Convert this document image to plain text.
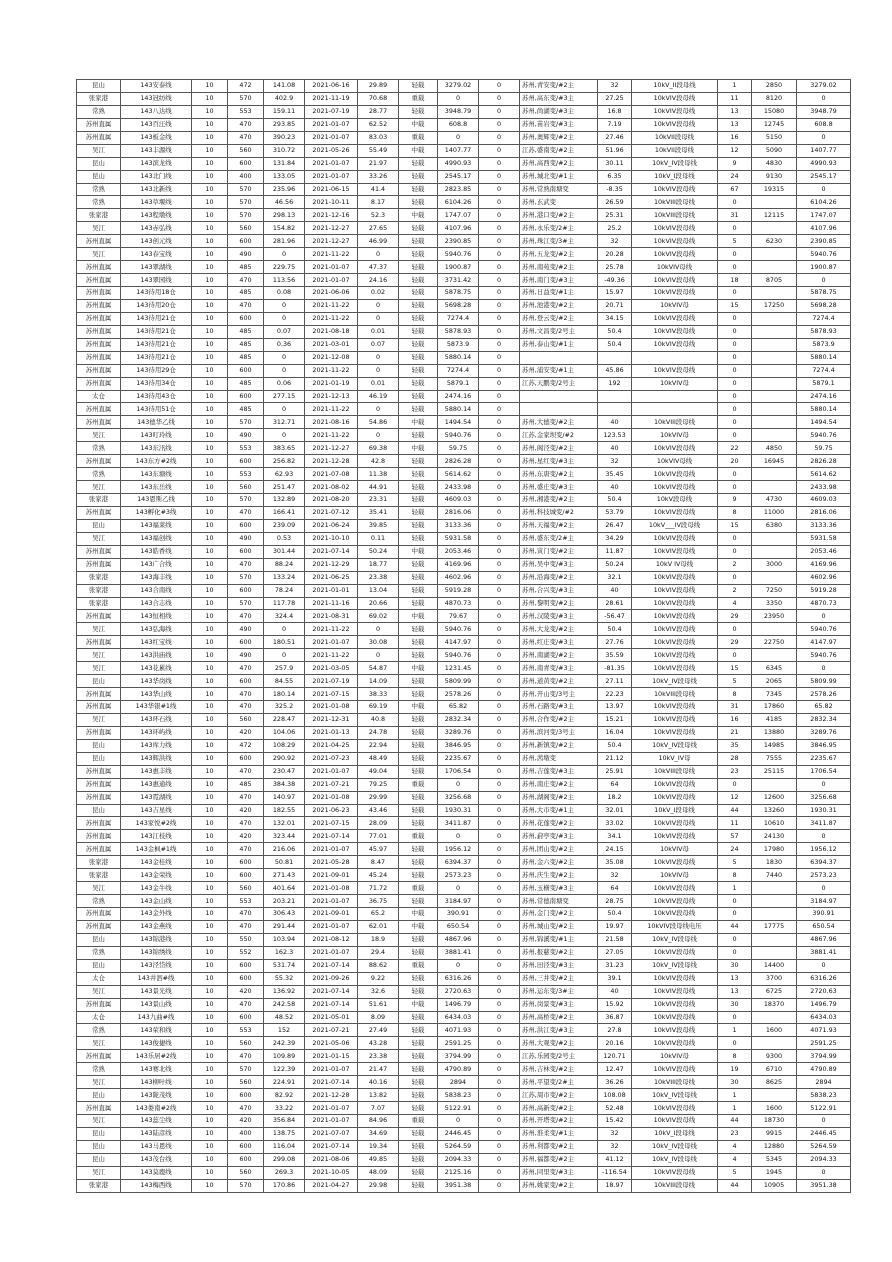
昆山	143安泰线	10	472	141.08	2021-06-16	29.89	轻载	3279.02	0	苏州,青安变/#2主	32	10kV_II段母线	1	2850	3279.02
张家港	143冠纺线	10	570	402.9	2021-11-19	70.68	重载	0	0	苏州,高东变/#3主	27.25	10kVIV段母线	11	8120	0
常熟	143八达线	10	553	159.11	2021-07-19	28.77	轻载	3948.79	0	苏州,尚湖变/#3主	16.8	10kVIV段母线	13	15080	3948.79
苏州直属	143百汪线	10	470	293.85	2021-01-07	62.52	中载	608.8	0	苏州,苗岩变/#3主	7.19	10kVIV段母线	13	12745	608.8
苏州直属	143板金线	10	470	390.23	2021-01-07	83.03	重载	0	0	苏州,奥辉变/#2主	27.46	10kVII段母线	16	5150	0
吴江	143丰源线	10	560	310.72	2021-05-26	55.49	中载	1407.77	0	江苏,盛南变/#2主	51.96	10kVII段母线	12	5090	1407.77
昆山	143滨龙线	10	600	131.84	2021-01-07	21.97	轻载	4990.93	0	苏州,高西变/#2主	30.11	10kV_IV段母线	9	4830	4990.93
昆山	143北门线	10	400	133.05	2021-01-07	33.26	轻载	2545.17	0	苏州,城北变/#1主	6.35	10kV_I段母线	24	9130	2545.17
常熟	143北新线	10	570	235.96	2021-06-15	41.4	轻载	2823.85	0	苏州,常熟南塘变	-8.35	10kVIV段母线	67	19315	0
常熟	143草堰线	10	570	46.56	2021-10-11	8.17	轻载	6104.26	0	苏州,玄武变	26.59	10kVIII段母线	0		6104.26
张家港	143程墩线	10	570	298.13	2021-12-16	52.3	中载	1747.07	0	苏州,港口变/#2主	25.31	10kVIII段母线	31	12115	1747.07
吴江	143赤弘线	10	560	154.82	2021-12-27	27.65	轻载	4107.96	0	苏州,永乐变/2#主	25.2	10kVIV段母线	0		4107.96
苏州直属	143创元线	10	600	281.96	2021-12-27	46.99	轻载	2390.85	0	苏州,珠江变/3#主	32	10kVIV段母线	5	6230	2390.85
吴江	143春宝线	10	490	0	2021-11-22	0	轻载	5940.76	0	苏州,五龙变/#2主	20.28	10kVIV段母线	0		5940.76
苏州直属	143翠湖线	10	485	229.75	2021-01-07	47.37	轻载	1900.87	0	苏州,南苑变/#2主	25.78	10kVIV母线	0		1900.87
苏州直属	143翠园线	10	470	113.56	2021-01-07	24.16	轻载	3731.42	0	苏州,南门变/#3主	-49.36	10kVIV段母线	18	8705	0
苏州直属	143待用18仓	10	485	0.08	2021-06-06	0.02	轻载	5878.75	0	苏州,日益变/#1主	15.97	10kVIV段母线	0		5878.75
苏州直属	143待用20仓	10	470	0	2021-11-22	0	轻载	5698.28	0	苏州,池港变/#2主	20.71	10kVIV母	15	17250	5698.28
苏州直属	143待用21仓	10	600	0	2021-11-22	0	轻载	7274.4	0	苏州,登云变/#2主	34.15	10kVIV段母线	0		7274.4
苏州直属	143待用21仓	10	485	0.07	2021-08-18	0.01	轻载	5878.93	0	苏州,文昌变/2号主	50.4	10kVIV段母线	0		5878.93
苏州直属	143待用21仓	10	485	0.36	2021-03-01	0.07	轻载	5873.9	0	苏州,泰山变/#1主	50.4	10kVIV段母线	0		5873.9
苏州直属	143待用21仓	10	485	0	2021-12-08	0	轻载	5880.14	0				0		5880.14
苏州直属	143待用29仓	10	600	0	2021-11-22	0	轻载	7274.4	0	苏州,浦安变/#1主	45.86	10kVIV段母线	0		7274.4
苏州直属	143待用34仓	10	485	0.06	2021-01-19	0.01	轻载	5879.1	0	江苏,天鹏变/2号主	192	10kVIV母	0		5879.1
太仓	143待用43仓	10	600	277.15	2021-12-13	46.19	轻载	2474.16	0				0		2474.16
苏州直属	143待用51仓	10	485	0	2021-11-22	0	轻载	5880.14	0				0		5880.14
苏州直属	143德华乙线	10	570	312.71	2021-08-16	54.86	中载	1494.54	0	苏州,大德变/#2主	40	10kVIII段母线	0		1494.54
吴江	143叮玲线	10	490	0	2021-11-22	0	轻载	5940.76	0	江苏,金家坝变/#2	123.53	10kVIV母	0		5940.76
常熟	143东汛线	10	553	383.65	2021-12-27	69.38	中载	59.75	0	苏州,阁泾变/#2主	40	10kVIV段母线	22	4850	59.75
苏州直属	143东方#2线	10	600	256.82	2021-12-28	42.8	轻载	2826.28	0	苏州,星红变/#3主	32	10kVIV母线	20	16945	2826.28
常熟	143东塘线	10	553	62.93	2021-07-08	11.38	轻载	5614.62	0	苏州,东唐变/#2主	35.45	10kVIV段母线	0		5614.62
吴江	143东岳线	10	560	251.47	2021-08-02	44.91	轻载	2433.98	0	苏州,盛庄变/#3主	40	10kVIV段母线	0		2433.98
张家港	143恩斯乙线	10	570	132.89	2021-08-20	23.31	轻载	4609.03	0	苏州,湘港变/#2主	50.4	10kV段母线	9	4730	4609.03
苏州直属	143孵化#3线	10	470	166.41	2021-07-12	35.41	轻载	2816.06	0	苏州,科技城变/#2	53.79	10kVIV段母线	8	11000	2816.06
昆山	143福莱线	10	600	239.09	2021-06-24	39.85	轻载	3133.36	0	苏州,天福变/#2主	26.47	10kV___IV段母线	15	6380	3133.36
吴江	143福创线	10	490	0.53	2021-10-10	0.11	轻载	5931.58	0	苏州,盛东变/2#主	34.29	10kVIV段母线	0		5931.58
苏州直属	143皓香线	10	600	301.44	2021-07-14	50.24	中载	2053.46	0	苏州,寅门变/#2主	11.87	10kVIV段母线	0		2053.46
苏州直属	143广合线	10	470	88.24	2021-12-29	18.77	轻载	4169.96	0	苏州,吴中变/#3主	50.24	10kV IV母线	2	3000	4169.96
张家港	143海丰线	10	570	133.24	2021-06-25	23.38	轻载	4602.96	0	苏州,沿海变/#2主	32.1	10kVIV段母线	0		4602.96
张家港	143合南线	10	600	78.24	2021-01-01	13.04	轻载	5919.28	0	苏州,合兴变/#3主	40	10kVIV段母线	2	7250	5919.28
张家港	143合志线	10	570	117.78	2021-11-16	20.66	轻载	4870.73	0	苏州,黎明变/#2主	28.61	10kVIV段母线	4	3350	4870.73
苏州直属	143恒相线	10	470	324.4	2021-08-31	69.02	中载	79.67	0	苏州,汉陵变/#3主	-56.47	10kVIV段母线	29	23950	0
吴江	143弘海线	10	490	0	2021-11-22	0	轻载	5940.76	0	苏州,大龙变/#2主	50.4	10kVIV段母线	0		5940.76
苏州直属	143红宝线	10	600	180.51	2021-01-07	30.08	轻载	4147.97	0	苏州,红庄变/#3主	27.76	10kVIV段母线	29	22750	4147.97
吴江	143洪庙线	10	490	0	2021-11-22	0	轻载	5940.76	0	苏州,南湖变/#2主	35.59	10kVIV段母线	0		5940.76
吴江	143花累线	10	470	257.9	2021-03-05	54.87	中载	1231.45	0	苏州,南青变/#3主	-81.35	10kVIV段母线	15	6345	0
昆山	143华岗线	10	600	84.55	2021-07-19	14.09	轻载	5809.99	0	苏州,道黄变/#2主	27.11	10kV_IV段母线	5	2065	5809.99
苏州直属	143华山线	10	470	180.14	2021-07-15	38.33	轻载	2578.26	0	苏州,开山变/3号主	22.23	10kVIII段母线	8	7345	2578.26
苏州直属	143华银#1线	10	470	325.2	2021-01-08	69.19	中载	65.82	0	苏州,石路变/#3主	13.97	10kVIV段母线	31	17860	65.82
吴江	143环石线	10	560	228.47	2021-12-31	40.8	轻载	2832.34	0	苏州,合作变/#2主	15.21	10kVIV段母线	16	4185	2832.34
苏州直属	143环屿线	10	420	104.06	2021-01-13	24.78	轻载	3289.76	0	苏州,滨河变/3号主	16.04	10kVIV段母线	21	13880	3289.76
昆山	143库力线	10	472	108.29	2021-04-25	22.94	轻载	3846.95	0	苏州,新镇变/#2主	50.4	10kV_IV段母线	35	14985	3846.95
昆山	143辉洪线	10	600	290.92	2021-07-23	48.49	轻载	2235.67	0	苏州,茜墩变	21.12	10kV_IV母	28	7555	2235.67
苏州直属	143惠丰线	10	470	230.47	2021-01-07	49.04	轻载	1706.54	0	苏州,吉莲变/#3主	25.91	10kVIII段母线	23	25115	1706.54
苏州直属	143惠通线	10	485	384.38	2021-07-21	79.25	重载	0	0	苏州,南庄变/#2主	64	10kVIV段母线	0		0
苏州直属	143霓湖线	10	470	140.97	2021-01-08	29.99	轻载	3256.68	0	苏州,湖阁变/#2主	18.2	10kVIV段母线	12	12600	3256.68
昆山	143吉星线	10	420	182.55	2021-06-23	43.46	轻载	1930.31	0	苏州,大市变/#1主	32.01	10kV_I段母线	44	13260	1930.31
苏州直属	143家悦#2线	10	470	132.01	2021-07-15	28.09	轻载	3411.87	0	苏州,花莲变/#2主	33.02	10kVIV段母线	11	10610	3411.87
苏州直属	143江枝线	10	420	323.44	2021-07-14	77.01	重载	0	0	苏州,葑亭变/#3主	34.1	10kVIV段母线	57	24130	0
苏州直属	143金枫#1线	10	470	216.06	2021-01-07	45.97	轻载	1956.12	0	苏州,团山变/#2主	24.15	10kVIV母	24	17980	1956.12
张家港	143金桂线	10	600	50.81	2021-05-28	8.47	轻载	6394.37	0	苏州,金六变/#2主	35.08	10kVIV段母线	5	1830	6394.37
张家港	143金荣线	10	600	271.43	2021-09-01	45.24	轻载	2573.23	0	苏州,庆生变/#2主	32	10kVIV母	8	7440	2573.23
吴江	143金牛线	10	560	401.64	2021-01-08	71.72	重载	0	0	苏州,玉横变/#3主	64	10kVIV段母线	1		0
常熟	143金山线	10	553	203.21	2021-01-07	36.75	轻载	3184.97	0	苏州,常德南塘变	28.75	10kVIV段母线	0		3184.97
苏州直属	143金外线	10	470	306.43	2021-09-01	65.2	中载	390.91	0	苏州,金门变/#2主	50.4	10kVIV段母线	0		390.91
苏州直属	143金燕线	10	470	291.44	2021-01-07	62.01	中载	650.54	0	苏州,城山变/#2主	19.97	10kVIV段母线电压	44	17775	650.54
昆山	143锦港线	10	550	103.94	2021-08-12	18.9	轻载	4867.96	0	苏州,锦溪变/#1主	21.58	10kV_IV段母线	0		4867.96
常熟	143锦绣线	10	552	162.3	2021-01-07	29.4	轻载	3881.41	0	苏州,报慈变/#2主	27.05	10kVIV段母线	0		3881.41
昆山	143泾岱线	10	600	531.74	2021-07-14	88.62	重载	0	0	苏州,田泾变/#3主	31.23	10kV_IV段母线	30	14400	0
太仓	143井泗#线	10	600	55.32	2021-09-26	9.22	轻载	6316.26	0	苏州,三井变/#2主	39.1	10kVIV段母线	13	3700	6316.26
吴江	143景光线	10	420	136.92	2021-07-14	32.6	轻载	2720.63	0	苏州,运东变/3#主	40	10kVIV段母线	13	6725	2720.63
苏州直属	143景山线	10	470	242.58	2021-07-14	51.61	中载	1496.79	0	苏州,岗景变/#3主	15.92	10kVIV段母线	30	18370	1496.79
太仓	143九曲#线	10	600	48.52	2021-05-01	8.09	轻载	6434.03	0	苏州,高桥变/#2主	36.87	10kVIV段母线	0		6434.03
常熟	143荣和线	10	553	152	2021-07-21	27.49	轻载	4071.93	0	苏州,洪江变/#3主	27.8	10kVIV段母线	1	1600	4071.93
吴江	143俊捷线	10	560	242.39	2021-05-06	43.28	轻载	2591.25	0	苏州,大观变/#2主	20.16	10kVIV段母线	0		2591.25
苏州直属	143乐居#2线	10	470	109.89	2021-01-15	23.38	轻载	3794.99	0	江苏,乐园变/2号主	120.71	10kVIV母	8	9300	3794.99
常熟	143赛北线	10	570	122.39	2021-01-07	21.47	轻载	4790.89	0	苏州,吉林变/#2主	12.47	10kVIV段母线	19	6710	4790.89
吴江	143柳叶线	10	560	224.91	2021-07-14	40.16	轻载	2894	0	苏州,平望变/2#主	36.26	10kVIII段母线	30	8625	2894
昆山	143陇茂线	10	600	82.92	2021-12-28	13.82	轻载	5838.23	0	江苏,周市变/#2主	108.08	10kV_IV段母线	1		5838.23
苏州直属	143娄南#2线	10	470	33.22	2021-01-07	7.07	轻载	5122.91	0	苏州,高新变/#2主	52.48	10kVIV段母线	1	1600	5122.91
吴江	143蕊尘线	10	420	356.84	2021-01-07	84.96	重载	0	0	苏州,开塔变/#2主	15.42	10kVIV段母线	44	18730	0
昆山	143陆彦线	10	400	138.75	2021-07-07	34.69	轻载	2446.45	0	苏州,淮柔变/#1主	32	10kV_I段母线	23	9915	2446.45
昆山	143马恩线	10	600	116.04	2021-07-14	19.34	轻载	5264.59	0	苏州,利都变/#2主	32	10kV_IV段母线	4	12880	5264.59
昆山	143茂台线	10	600	299.08	2021-08-06	49.85	轻载	2094.33	0	苏州,福都变/#2主	41.12	10kV_IV段母线	4	5345	2094.33
吴江	143莫鹿线	10	560	269.3	2021-10-05	48.09	轻载	2125.16	0	苏州,同里变/#3主	-116.54	10kVIV段母线	5	1945	0
张家港	143梅西线	10	570	170.86	2021-04-27	29.98	轻载	3951.38	0	苏州,姚家变/#2主	18.97	10kVIII段母线	44	10905	3951.38
